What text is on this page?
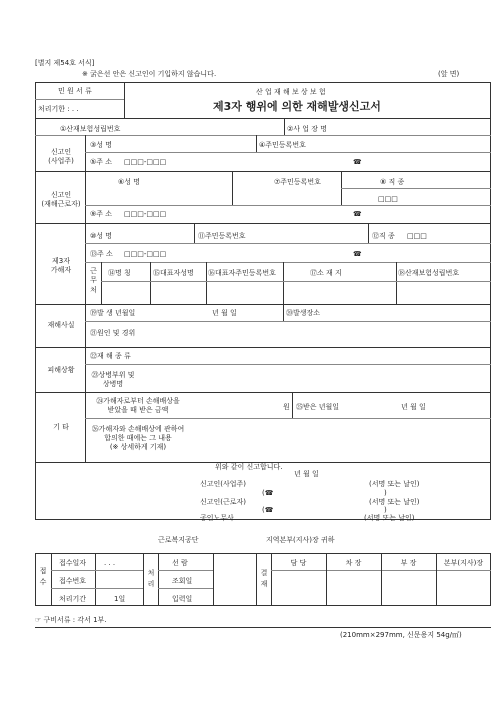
[별지 제54호 서식]
※ 굵은선 안은 신고인이 기입하지 않습니다.	(앞 면)
민 원 서 류
처리기한 : . .
산 업 재 해 보 상 보 험
제3자 행위에 의한 재해발생신고서
①산재보험성립번호	②사 업 장 명
신고인
(사업주)
③성 명	④주민등록번호
⑤주 소 □□□-□□□	☎
신고인
(재해근로자)
⑥성 명	⑦주민등록번호	⑧ 직 종
□□□
⑨주 소 □□□-□□□	☎
제3자
가해자
⑩성 명	⑪주민등록번호	⑫직 종 □□□
⑬주 소 □□□-□□□	☎
근
무
처
⑭명 칭	⑮대표자성명 ⑯대표자주민등록번호	⑰소 재 지	⑱산재보험성립번호
재해사실
⑲발 생 년월일	년 월 일	⑳발생장소
㉑원인 및 경위
피해상황
㉒재 해 종 류
㉓상병부위 및
상병명
기 타
㉔가해자로부터 손해배상을
받았을 때 받은 금액	원 ㉕받은 년월일	년 월 일
㉖가해자와 손해배상에 관하여
합의한 때에는 그 내용
(※ 상세하게 기재)
위와 같이 신고합니다.
년 월 일
신고인(사업주)	(서명 또는 날인)
(☎	)
신고인(근로자)	(서명 또는 날인)
(☎	)
공인노무사	(서명 또는 날인)
근로복지공단	지역본부(지사)장 귀하
접
수
접수일자	. . .
접수번호
처리기간	1일
처
리
선 람
조회일
입력일
결
재
담 당	차 장	부 장	본부(지사)장
☞ 구비서류 : 각서 1부.
(210mm×297mm, 신문용지 54g/㎡)
